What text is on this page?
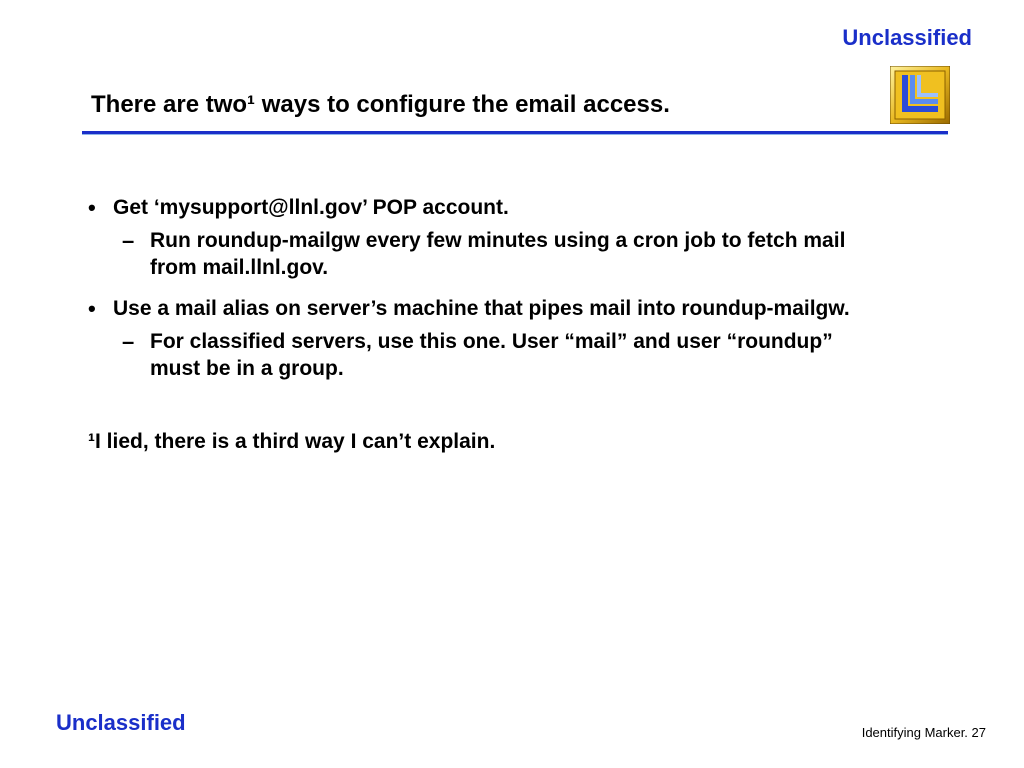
Unclassified
There are two¹ ways to configure the email access.
• Get ‘mysupport@llnl.gov’ POP account.
– Run roundup-mailgw every few minutes using a cron job to fetch mail from mail.llnl.gov.
• Use a mail alias on server’s machine that pipes mail into roundup-mailgw.
– For classified servers, use this one. User “mail” and user “roundup” must be in a group.
¹I lied, there is a third way I can’t explain.
Unclassified	Identifying Marker. 27
